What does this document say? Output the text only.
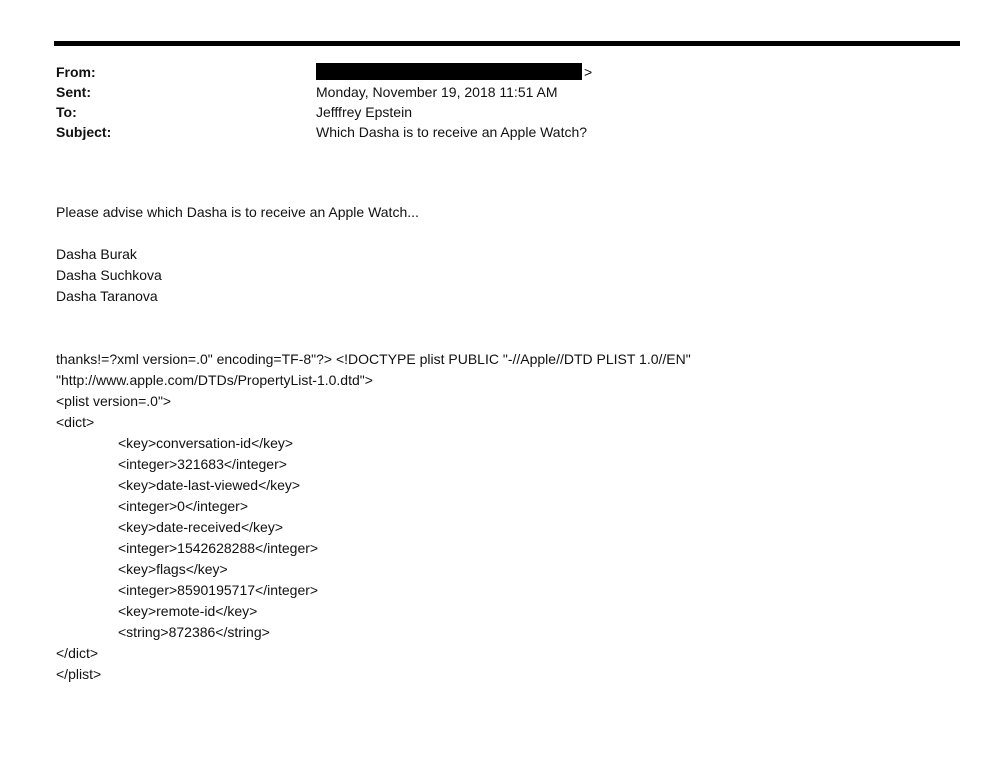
From:	>
Sent:	Monday, November 19, 2018 11:51 AM
To:	Jefffrey Epstein
Subject:	Which Dasha is to receive an Apple Watch?
Please advise which Dasha is to receive an Apple Watch...
Dasha Burak
Dasha Suchkova
Dasha Taranova
thanks!=?xml version=.0" encoding=TF-8"?> <!DOCTYPE plist PUBLIC "-//Apple//DTD PLIST 1.0//EN"
"http://www.apple.com/DTDs/PropertyList-1.0.dtd">
<plist version=.0">
<dict>
<key>conversation-id</key>
<integer>321683</integer>
<key>date-last-viewed</key>
<integer>0</integer>
<key>date-received</key>
<integer>1542628288</integer>
<key>flags</key>
<integer>8590195717</integer>
<key>remote-id</key>
<string>872386</string>
</dict>
</plist>
